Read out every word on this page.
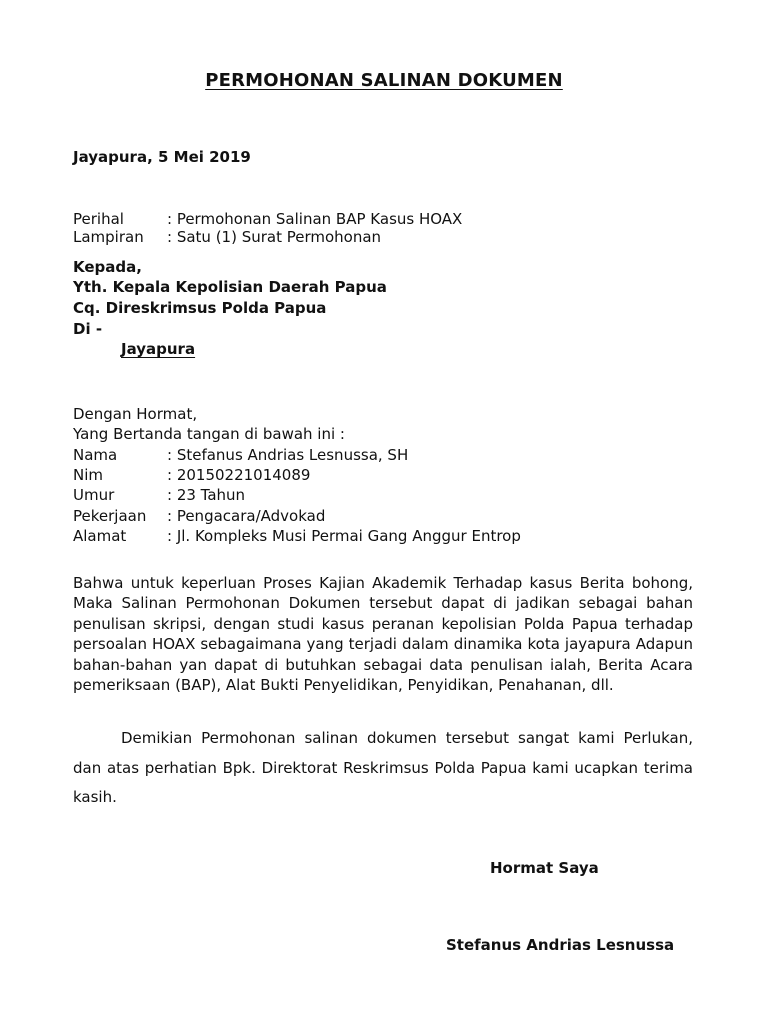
PERMOHONAN SALINAN DOKUMEN
Jayapura, 5 Mei 2019
Perihal	: Permohonan Salinan BAP Kasus HOAX
Lampiran : Satu (1) Surat Permohonan
Kepada,
Yth. Kepala Kepolisian Daerah Papua
Cq. Direskrimsus Polda Papua
Di -
Jayapura
Dengan Hormat,
Yang Bertanda tangan di bawah ini :
Nama	: Stefanus Andrias Lesnussa, SH
Nim	: 20150221014089
Umur	: 23 Tahun
Pekerjaan : Pengacara/Advokad
Alamat	: Jl. Kompleks Musi Permai Gang Anggur Entrop
Bahwa untuk keperluan Proses Kajian Akademik Terhadap kasus Berita bohong, Maka Salinan Permohonan Dokumen tersebut dapat di jadikan sebagai bahan penulisan skripsi, dengan studi kasus peranan kepolisian Polda Papua terhadap persoalan HOAX sebagaimana yang terjadi dalam dinamika kota jayapura Adapun bahan-bahan yan dapat di butuhkan sebagai data penulisan ialah, Berita Acara pemeriksaan (BAP), Alat Bukti Penyelidikan, Penyidikan, Penahanan, dll.
Demikian Permohonan salinan dokumen tersebut sangat kami Perlukan, dan atas perhatian Bpk. Direktorat Reskrimsus Polda Papua kami ucapkan terima kasih.
Hormat Saya
Stefanus Andrias Lesnussa
